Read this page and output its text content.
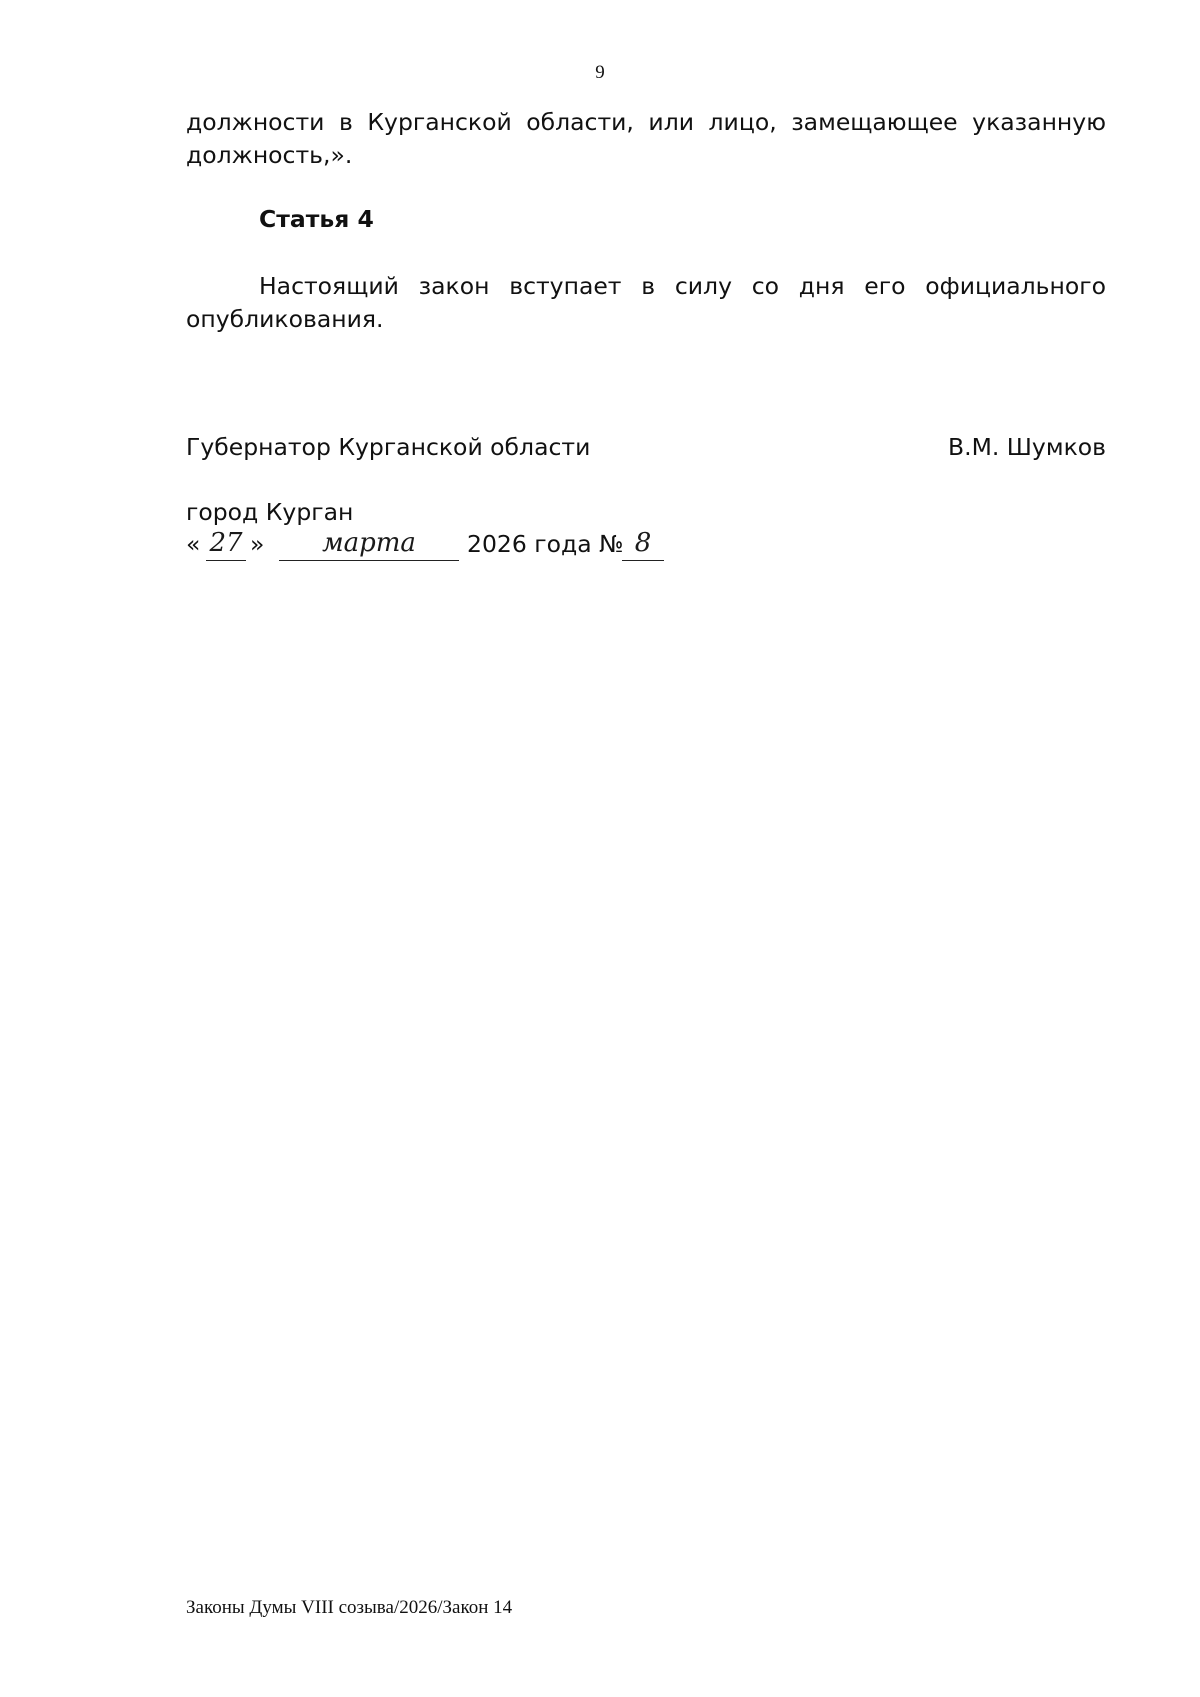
9
должности в Курганской области, или лицо, замещающее указанную
должность,».
Статья 4
Настоящий закон вступает в силу со дня его официального
опубликования.
Губернатор Курганской области	В.М. Шумков
город Курган
« 27 »	марта	2026 года № 8
Законы Думы VIII созыва/2026/Закон 14
